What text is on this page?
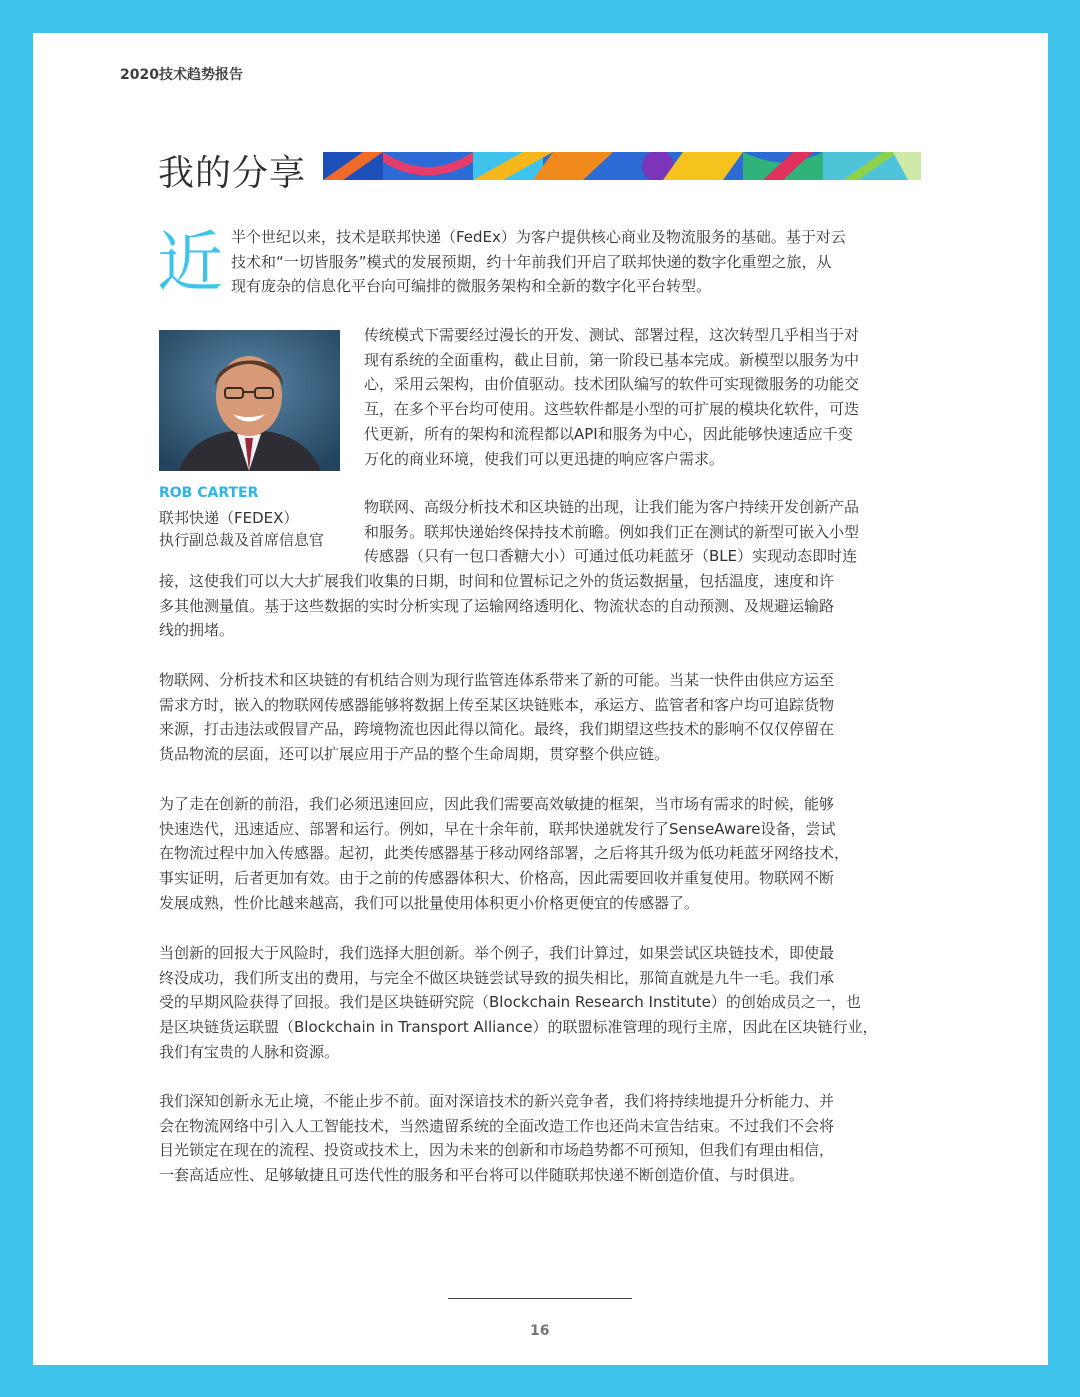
2020技术趋势报告
我的分享
近 半个世纪以来，技术是联邦快递（FedEx）为客户提供核心商业及物流服务的基础。基于对云
技术和“一切皆服务”模式的发展预期，约十年前我们开启了联邦快递的数字化重塑之旅，从
现有庞杂的信息化平台向可编排的微服务架构和全新的数字化平台转型。
ROB CARTER
联邦快递（FEDEX）
执行副总裁及首席信息官
传统模式下需要经过漫长的开发、测试、部署过程，这次转型几乎相当于对
现有系统的全面重构，截止目前，第一阶段已基本完成。新模型以服务为中
心，采用云架构，由价值驱动。技术团队编写的软件可实现微服务的功能交
互，在多个平台均可使用。这些软件都是小型的可扩展的模块化软件，可迭
代更新，所有的架构和流程都以API和服务为中心，因此能够快速适应千变
万化的商业环境，使我们可以更迅捷的响应客户需求。
物联网、高级分析技术和区块链的出现，让我们能为客户持续开发创新产品
和服务。联邦快递始终保持技术前瞻。例如我们正在测试的新型可嵌入小型
传感器（只有一包口香糖大小）可通过低功耗蓝牙（BLE）实现动态即时连
接，这使我们可以大大扩展我们收集的日期，时间和位置标记之外的货运数据量，包括温度，速度和许
多其他测量值。基于这些数据的实时分析实现了运输网络透明化、物流状态的自动预测、及规避运输路
线的拥堵。
物联网、分析技术和区块链的有机结合则为现行监管连体系带来了新的可能。当某一快件由供应方运至
需求方时，嵌入的物联网传感器能够将数据上传至某区块链账本，承运方、监管者和客户均可追踪货物
来源，打击违法或假冒产品，跨境物流也因此得以简化。最终，我们期望这些技术的影响不仅仅停留在
货品物流的层面，还可以扩展应用于产品的整个生命周期，贯穿整个供应链。
为了走在创新的前沿，我们必须迅速回应，因此我们需要高效敏捷的框架，当市场有需求的时候，能够
快速迭代，迅速适应、部署和运行。例如，早在十余年前，联邦快递就发行了SenseAware设备，尝试
在物流过程中加入传感器。起初，此类传感器基于移动网络部署，之后将其升级为低功耗蓝牙网络技术，
事实证明，后者更加有效。由于之前的传感器体积大、价格高，因此需要回收并重复使用。物联网不断
发展成熟，性价比越来越高，我们可以批量使用体积更小价格更便宜的传感器了。
当创新的回报大于风险时，我们选择大胆创新。举个例子，我们计算过，如果尝试区块链技术，即使最
终没成功，我们所支出的费用，与完全不做区块链尝试导致的损失相比，那简直就是九牛一毛。我们承
受的早期风险获得了回报。我们是区块链研究院（Blockchain Research Institute）的创始成员之一，也
是区块链货运联盟（Blockchain in Transport Alliance）的联盟标准管理的现行主席，因此在区块链行业，
我们有宝贵的人脉和资源。
我们深知创新永无止境，不能止步不前。面对深谙技术的新兴竞争者，我们将持续地提升分析能力、并
会在物流网络中引入人工智能技术，当然遗留系统的全面改造工作也还尚未宣告结束。不过我们不会将
目光锁定在现在的流程、投资或技术上，因为未来的创新和市场趋势都不可预知，但我们有理由相信，
一套高适应性、足够敏捷且可迭代性的服务和平台将可以伴随联邦快递不断创造价值、与时俱进。
16
